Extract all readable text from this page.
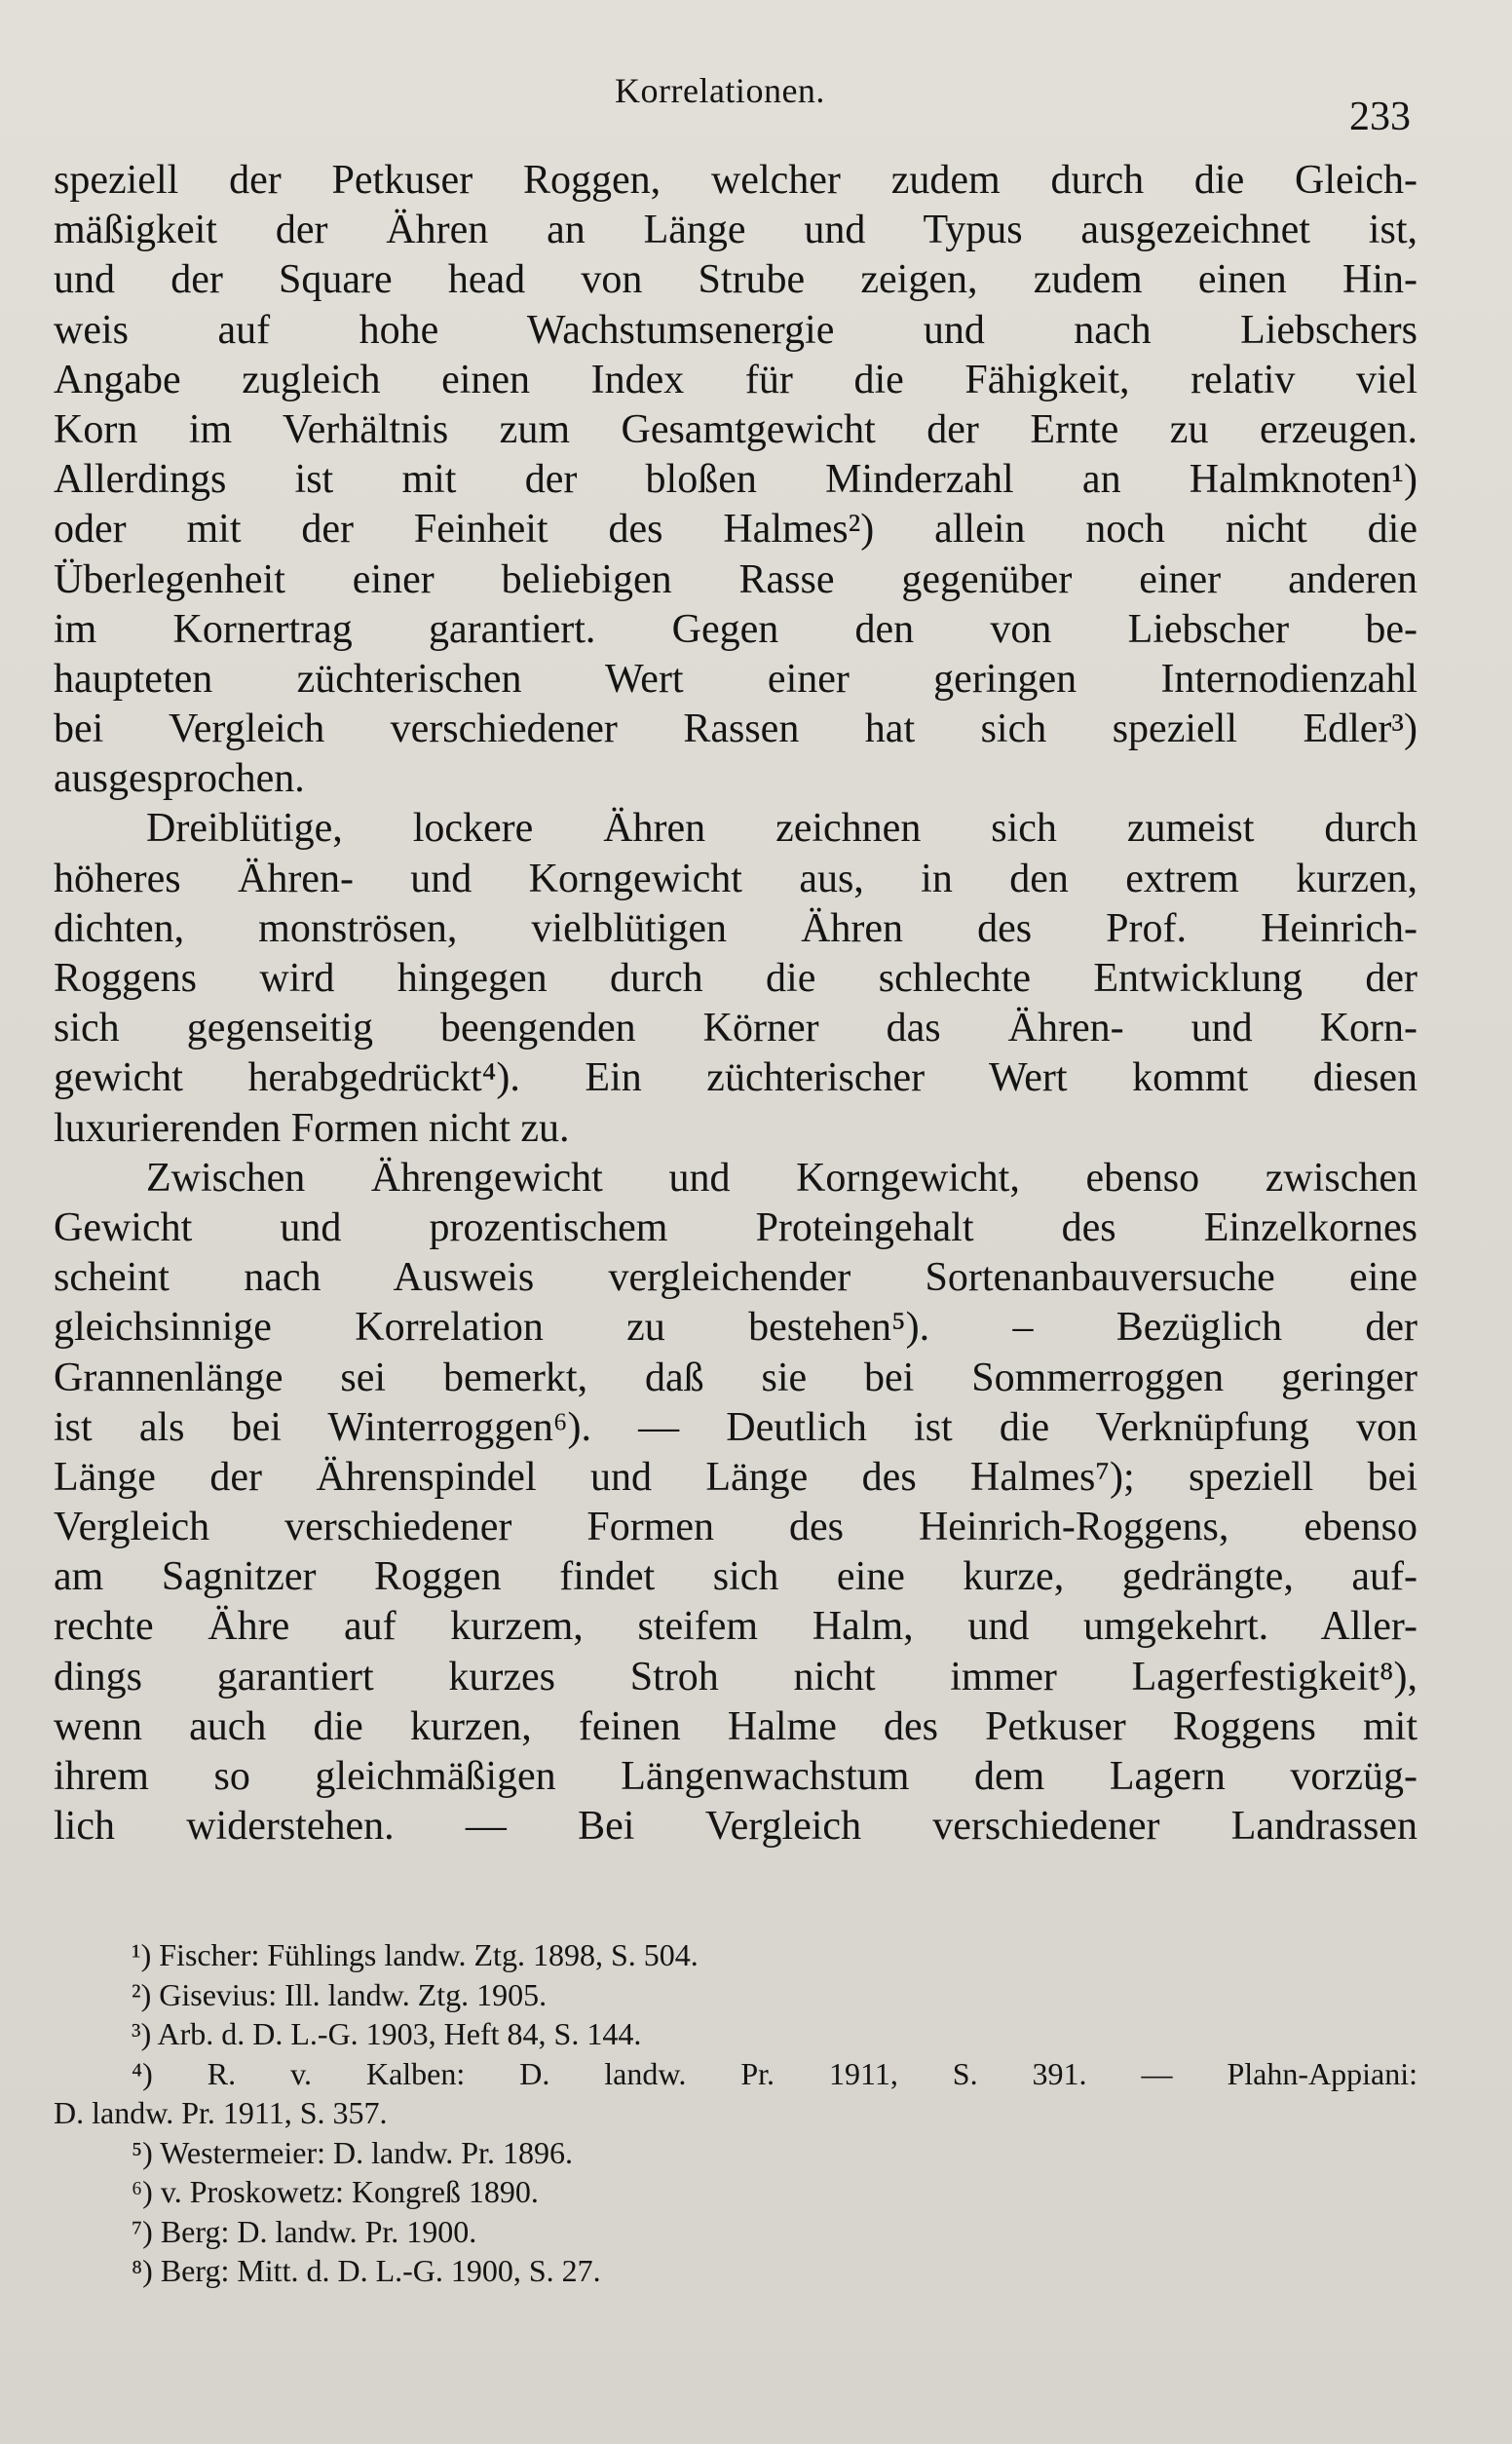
Korrelationen.
233
speziell der Petkuser Roggen, welcher zudem durch die Gleich-
mäßigkeit der Ähren an Länge und Typus ausgezeichnet ist,
und der Square head von Strube zeigen, zudem einen Hin-
weis auf hohe Wachstumsenergie und nach Liebschers
Angabe zugleich einen Index für die Fähigkeit, relativ viel
Korn im Verhältnis zum Gesamtgewicht der Ernte zu erzeugen.
Allerdings ist mit der bloßen Minderzahl an Halmknoten¹)
oder mit der Feinheit des Halmes²) allein noch nicht die
Überlegenheit einer beliebigen Rasse gegenüber einer anderen
im Kornertrag garantiert. Gegen den von Liebscher be-
haupteten züchterischen Wert einer geringen Internodienzahl
bei Vergleich verschiedener Rassen hat sich speziell Edler³)
ausgesprochen.
Dreiblütige, lockere Ähren zeichnen sich zumeist durch
höheres Ähren- und Korngewicht aus, in den extrem kurzen,
dichten, monströsen, vielblütigen Ähren des Prof. Heinrich-
Roggens wird hingegen durch die schlechte Entwicklung der
sich gegenseitig beengenden Körner das Ähren- und Korn-
gewicht herabgedrückt⁴). Ein züchterischer Wert kommt diesen
luxurierenden Formen nicht zu.
Zwischen Ährengewicht und Korngewicht, ebenso zwischen
Gewicht und prozentischem Proteingehalt des Einzelkornes
scheint nach Ausweis vergleichender Sortenanbauversuche eine
gleichsinnige Korrelation zu bestehen⁵). – Bezüglich der
Grannenlänge sei bemerkt, daß sie bei Sommerroggen geringer
ist als bei Winterroggen⁶). — Deutlich ist die Verknüpfung von
Länge der Ährenspindel und Länge des Halmes⁷); speziell bei
Vergleich verschiedener Formen des Heinrich-Roggens, ebenso
am Sagnitzer Roggen findet sich eine kurze, gedrängte, auf-
rechte Ähre auf kurzem, steifem Halm, und umgekehrt. Aller-
dings garantiert kurzes Stroh nicht immer Lagerfestigkeit⁸),
wenn auch die kurzen, feinen Halme des Petkuser Roggens mit
ihrem so gleichmäßigen Längenwachstum dem Lagern vorzüg-
lich widerstehen. — Bei Vergleich verschiedener Landrassen
¹) Fischer: Fühlings landw. Ztg. 1898, S. 504.
²) Gisevius: Ill. landw. Ztg. 1905.
³) Arb. d. D. L.-G. 1903, Heft 84, S. 144.
⁴) R. v. Kalben: D. landw. Pr. 1911, S. 391. — Plahn-Appiani:
D. landw. Pr. 1911, S. 357.
⁵) Westermeier: D. landw. Pr. 1896.
⁶) v. Proskowetz: Kongreß 1890.
⁷) Berg: D. landw. Pr. 1900.
⁸) Berg: Mitt. d. D. L.-G. 1900, S. 27.
